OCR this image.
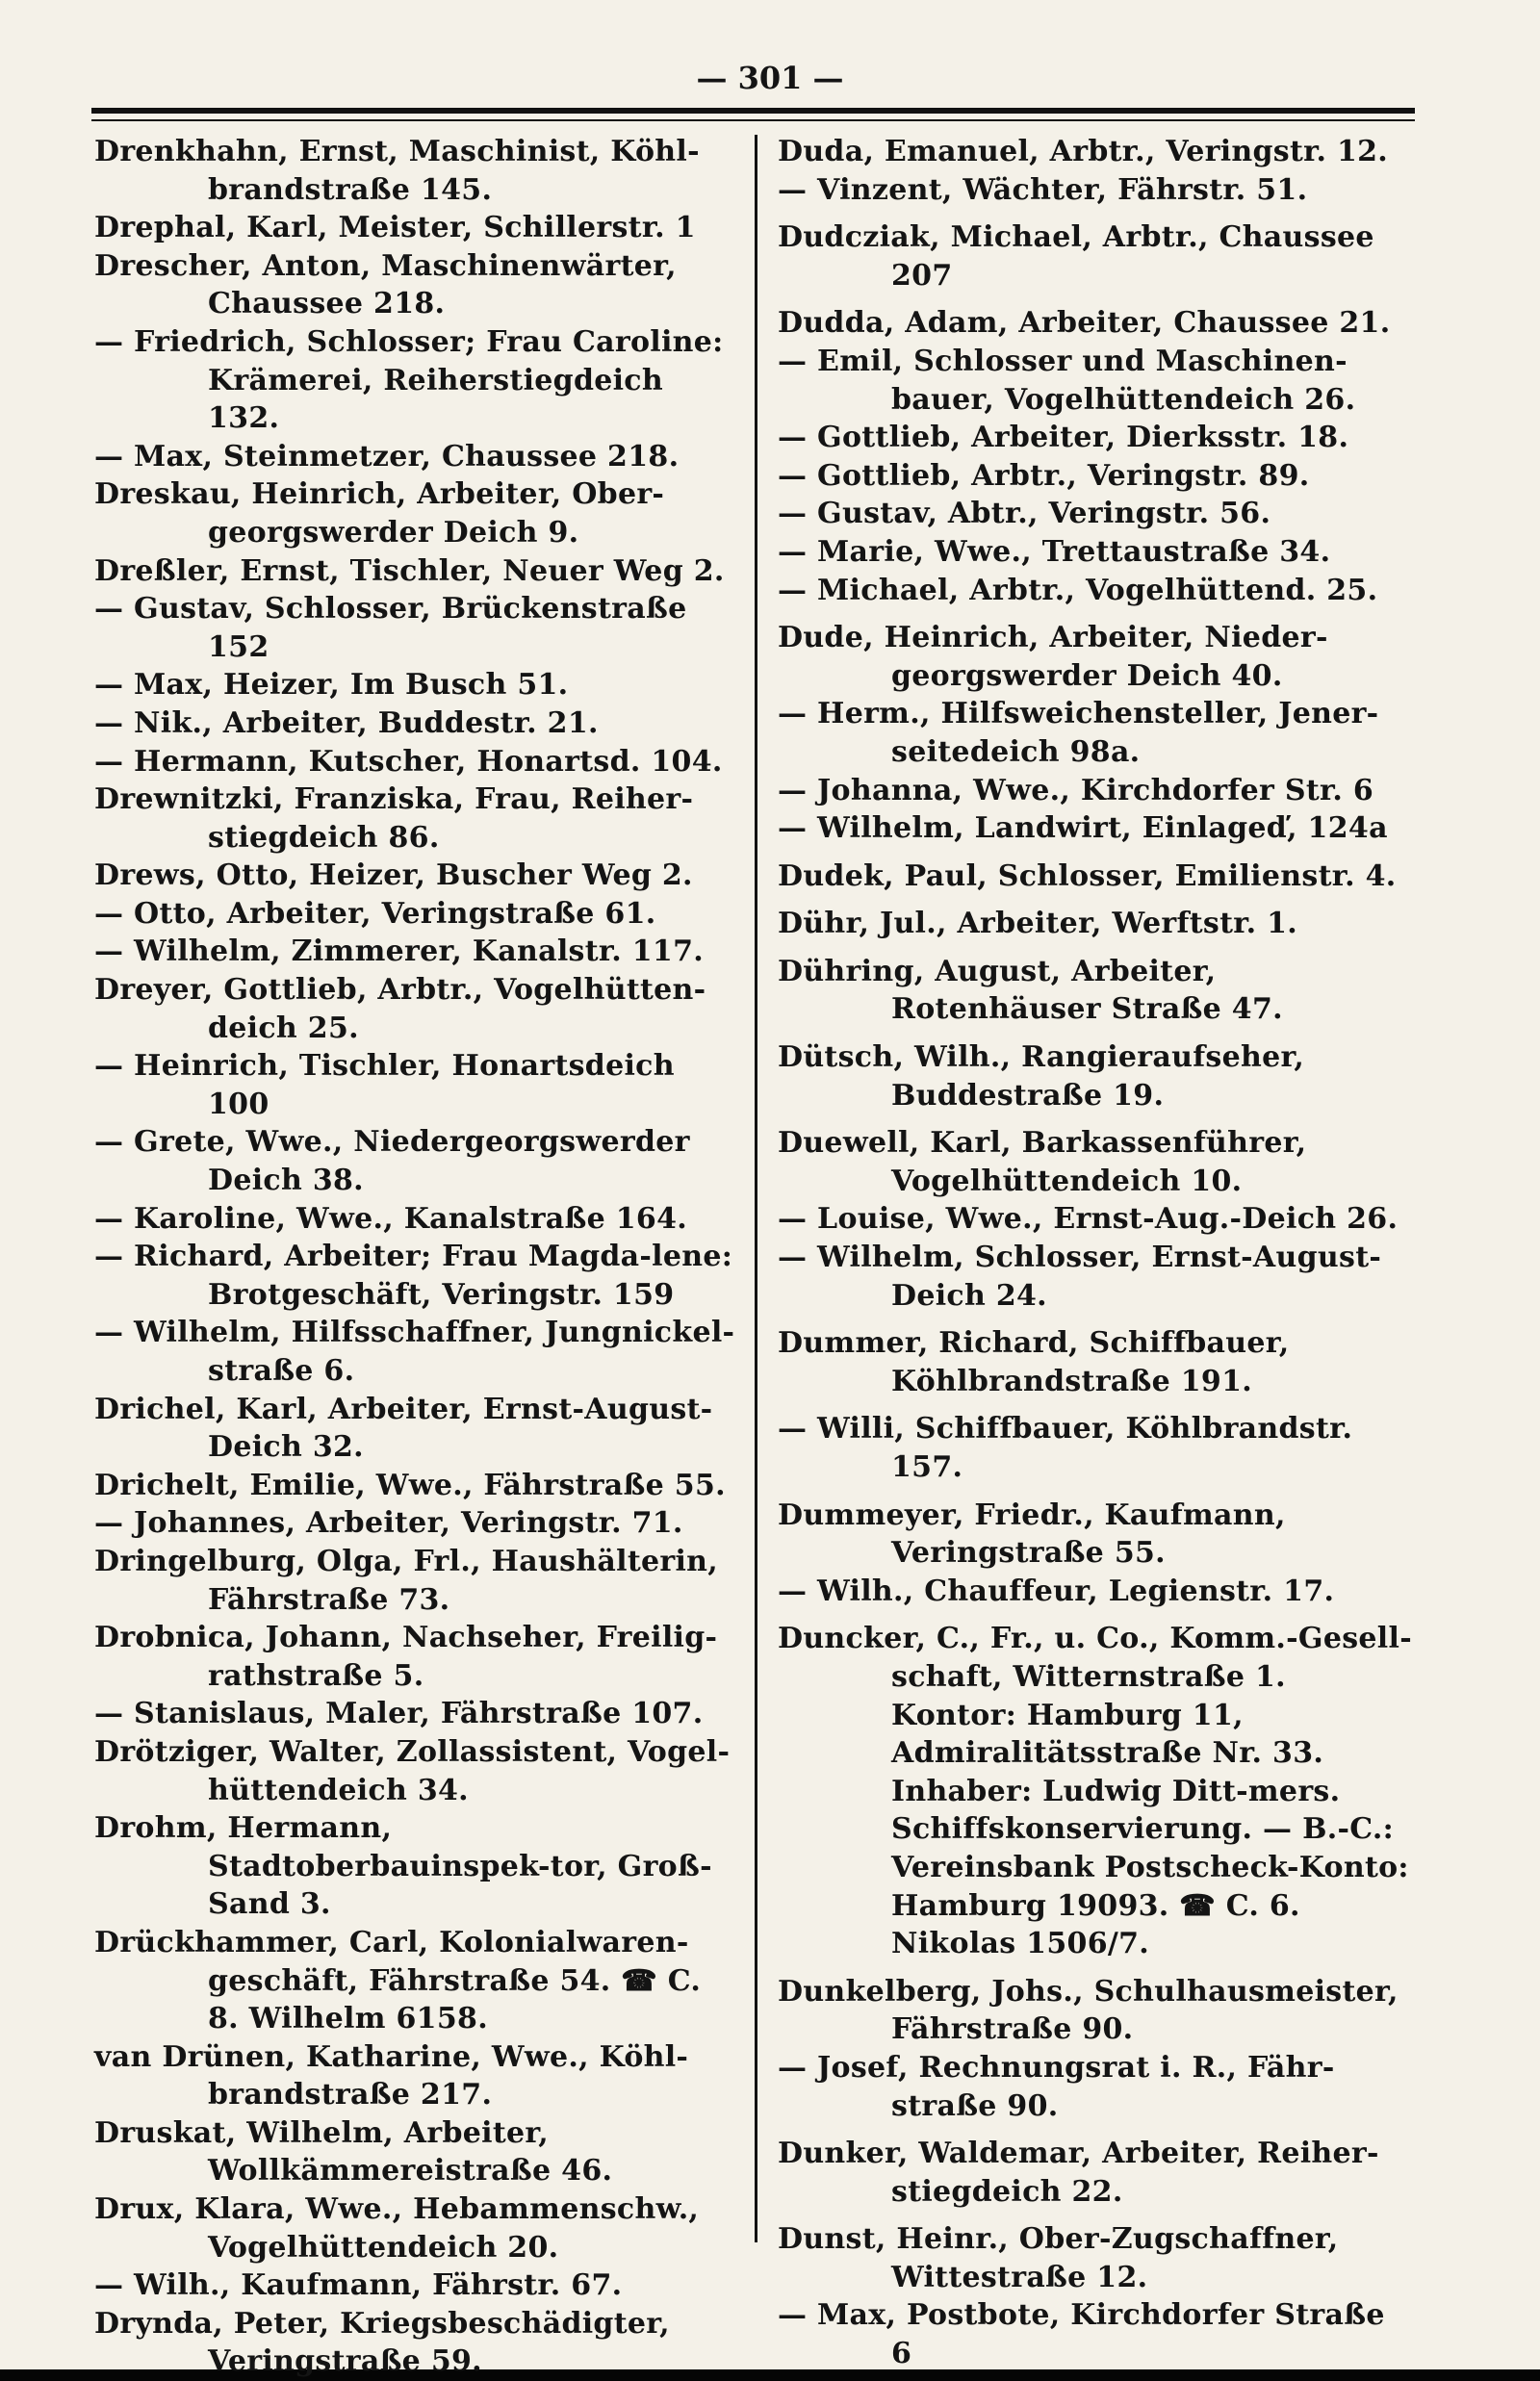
— 301 —
Drenkhahn, Ernst, Maschinist, Köhl-brandstraße 145.
Drephal, Karl, Meister, Schillerstr. 1
Drescher, Anton, Maschinenwärter, Chaussee 218.
— Friedrich, Schlosser; Frau Caroline: Krämerei, Reiherstiegdeich 132.
— Max, Steinmetzer, Chaussee 218.
Dreskau, Heinrich, Arbeiter, Ober-georgswerder Deich 9.
Dreßler, Ernst, Tischler, Neuer Weg 2.
— Gustav, Schlosser, Brückenstraße 152
— Max, Heizer, Im Busch 51.
— Nik., Arbeiter, Buddestr. 21.
— Hermann, Kutscher, Honartsd. 104.
Drewnitzki, Franziska, Frau, Reiher-stiegdeich 86.
Drews, Otto, Heizer, Buscher Weg 2.
— Otto, Arbeiter, Veringstraße 61.
— Wilhelm, Zimmerer, Kanalstr. 117.
Dreyer, Gottlieb, Arbtr., Vogelhütten-deich 25.
— Heinrich, Tischler, Honartsdeich 100
— Grete, Wwe., Niedergeorgswerder Deich 38.
— Karoline, Wwe., Kanalstraße 164.
— Richard, Arbeiter; Frau Magda-lene: Brotgeschäft, Veringstr. 159
— Wilhelm, Hilfsschaffner, Jungnickel-straße 6.
Drichel, Karl, Arbeiter, Ernst-August-Deich 32.
Drichelt, Emilie, Wwe., Fährstraße 55.
— Johannes, Arbeiter, Veringstr. 71.
Dringelburg, Olga, Frl., Haushälterin, Fährstraße 73.
Drobnica, Johann, Nachseher, Freilig-rathstraße 5.
— Stanislaus, Maler, Fährstraße 107.
Drötziger, Walter, Zollassistent, Vogel-hüttendeich 34.
Drohm, Hermann, Stadtoberbauinspek-tor, Groß-Sand 3.
Drückhammer, Carl, Kolonialwaren-geschäft, Fährstraße 54. ☎ C. 8. Wilhelm 6158.
van Drünen, Katharine, Wwe., Köhl-brandstraße 217.
Druskat, Wilhelm, Arbeiter, Wollkämmereistraße 46.
Drux, Klara, Wwe., Hebammenschw., Vogelhüttendeich 20.
— Wilh., Kaufmann, Fährstr. 67.
Drynda, Peter, Kriegsbeschädigter, Veringstraße 59.
Duda, Emanuel, Arbtr., Veringstr. 12.
— Vinzent, Wächter, Fährstr. 51.
Dudcziak, Michael, Arbtr., Chaussee 207
Dudda, Adam, Arbeiter, Chaussee 21.
— Emil, Schlosser und Maschinen-bauer, Vogelhüttendeich 26.
— Gottlieb, Arbeiter, Dierksstr. 18.
— Gottlieb, Arbtr., Veringstr. 89.
— Gustav, Abtr., Veringstr. 56.
— Marie, Wwe., Trettaustraße 34.
— Michael, Arbtr., Vogelhüttend. 25.
Dude, Heinrich, Arbeiter, Nieder-georgswerder Deich 40.
— Herm., Hilfsweichensteller, Jener-seitedeich 98a.
— Johanna, Wwe., Kirchdorfer Str. 6
— Wilhelm, Landwirt, Einlageď, 124a
Dudek, Paul, Schlosser, Emilienstr. 4.
Dühr, Jul., Arbeiter, Werftstr. 1.
Dühring, August, Arbeiter, Rotenhäuser Straße 47.
Dütsch, Wilh., Rangieraufseher, Buddestraße 19.
Duewell, Karl, Barkassenführer, Vogelhüttendeich 10.
— Louise, Wwe., Ernst-Aug.-Deich 26.
— Wilhelm, Schlosser, Ernst-August-Deich 24.
Dummer, Richard, Schiffbauer, Köhlbrandstraße 191.
— Willi, Schiffbauer, Köhlbrandstr. 157.
Dummeyer, Friedr., Kaufmann, Veringstraße 55.
— Wilh., Chauffeur, Legienstr. 17.
Duncker, C., Fr., u. Co., Komm.-Gesell-schaft, Witternstraße 1. Kontor: Hamburg 11, Admiralitätsstraße Nr. 33. Inhaber: Ludwig Ditt-mers. Schiffskonservierung. — B.-C.: Vereinsbank Postscheck-Konto: Hamburg 19093. ☎ C. 6. Nikolas 1506/7.
Dunkelberg, Johs., Schulhausmeister, Fährstraße 90.
— Josef, Rechnungsrat i. R., Fähr-straße 90.
Dunker, Waldemar, Arbeiter, Reiher-stiegdeich 22.
Dunst, Heinr., Ober-Zugschaffner, Wittestraße 12.
— Max, Postbote, Kirchdorfer Straße 6
